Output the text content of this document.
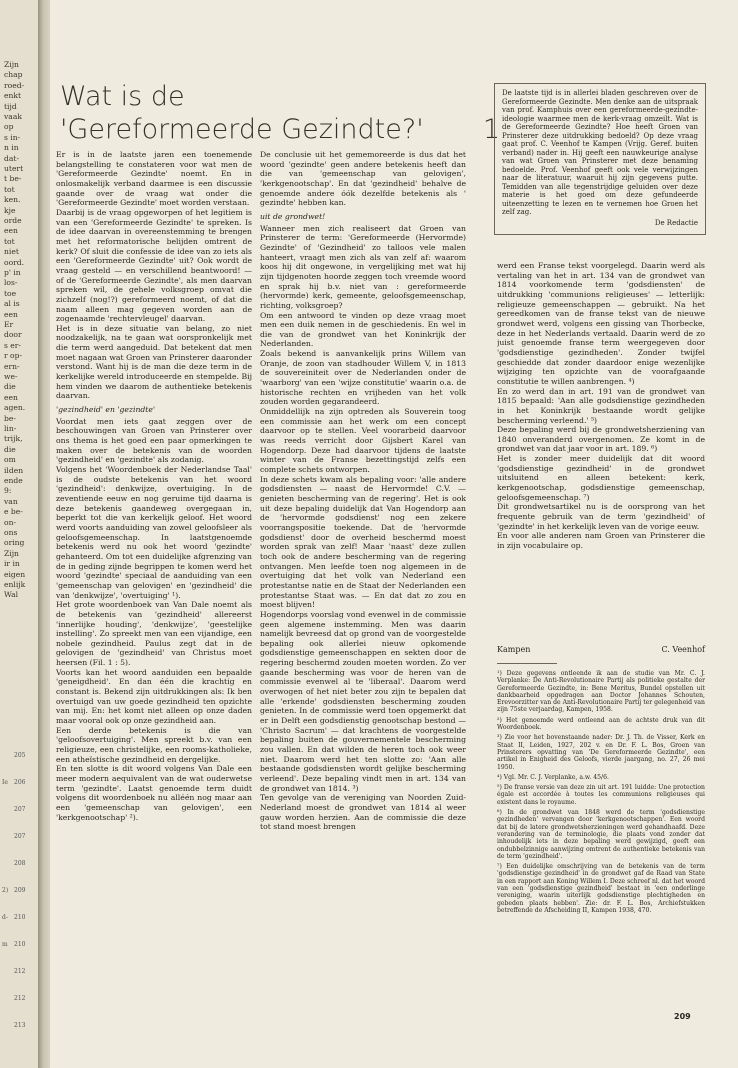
Zijn
chap
roed-
enkt
tijd
vaak
op
s in-
n in
dat-
utert
t be-
tot
ken.
kje
orde
een
tot
niet
oord.
p' in
los-
toe
al is
een
Er
door
s er-
r op-
ern-
we-
die
een
agen.
be-
lin-
trijk,
die
om
ilden
ende
9:
van
e be-
on-
ons
oring
Zijn
ir in
eigen
enlijk
Wal
205
206
207
207
208
209
210
210
212
212
213
Ie
2)
d-
m
Wat is de
'Gereformeerde Gezindte?'	1

De laatste tijd is in allerlei bladen geschreven over de Gereformeerde Gezindte. Men denke aan de uitspraak van prof. Kamphuis over een gereformeerde-gezindte-ideologie waarmee men de kerk-vraag omzeilt. Wat is de Gereformeerde Gezindte? Hoe heeft Groen van Prinsterer deze uitdrukking bedoeld? Op deze vraag gaat prof. C. Veenhof te Kampen (Vrijg. Geref. buiten verband) nader in. Hij geeft een nauwkeurige analyse van wat Groen van Prinsterer met deze benaming bedoelde. Prof. Veenhof geeft ook vele verwijzingen naar de literatuur, waaruit hij zijn gegevens putte. Temidden van alle tegenstrijdige geluiden over deze materie is het goed om deze gefundeerde uiteenzetting te lezen en te vernemen hoe Groen het zelf zag.

De Redactie

Er is in de laatste jaren een toenemende belangstelling te constateren voor wat men de 'Gereformeerde Gezindte' noemt. En in onlosmakelijk verband daarmee is een discussie gaande over de vraag wat onder die 'Gereformeerde Gezindte' moet worden verstaan.

Daarbij is de vraag opgeworpen of het legitiem is van een 'Gereformeerde Gezindte' te spreken. Is de idee daarvan in overeenstemming te brengen met het reformatorische belijden omtrent de kerk? Of sluit die confessie de idee van zo iets als een 'Gereformeerde Gezindte' uit? Ook wordt de vraag gesteld — en verschillend beantwoord! — of de 'Gereformeerde Gezindte', als men daarvan spreken wil, de gehele volksgroep omvat die zichzelf (nog!?) gereformeerd noemt, of dat die naam alleen mag gegeven worden aan de zogenaamde 'rechtervleugel' daarvan.

Het is in deze situatie van belang, zo niet noodzakelijk, na te gaan wat oorspronkelijk met die term werd aangeduid. Dat betekent dat men moet nagaan wat Groen van Prinsterer daaronder verstond. Want hij is de man die deze term in de kerkelijke wereld introduceerde en stempelde. Bij hem vinden we daarom de authentieke betekenis daarvan.

'gezindheid' en 'gezindte'

Voordat men iets gaat zeggen over de beschouwingen van Groen van Prinsterer over ons thema is het goed een paar opmerkingen te maken over de betekenis van de woorden 'gezindheid' en 'gezindte' als zodanig.

Volgens het 'Woordenboek der Nederlandse Taal' is de oudste betekenis van het woord 'gezindheid': denkwijze, overtuiging. In de zeventiende eeuw en nog geruime tijd daarna is deze betekenis gaandeweg overgegaan in, beperkt tot die van kerkelijk geloof. Het woord werd voorts aanduiding van zowel geloofsleer als geloofsgemeenschap. In laatstgenoemde betekenis werd nu ook het woord 'gezindte' gehanteerd. Om tot een duidelijke afgrenzing van de in geding zijnde begrippen te komen werd het woord 'gezindte' speciaal de aanduiding van een 'gemeenschap van gelovigen' en 'gezindheid' die van 'denkwijze', 'overtuiging' ¹).

Het grote woordenboek van Van Dale noemt als de betekenis van 'gezindheid' allereerst 'innerlijke houding', 'denkwijze', 'geestelijke instelling'. Zo spreekt men van een vijandige, een nobele gezindheid. Paulus zegt dat in de gelovigen de 'gezindheid' van Christus moet heersen (Fil. 1 : 5).

Voorts kan het woord aanduiden een bepaalde 'geneigdheid'. En dan één die krachtig en constant is. Bekend zijn uitdrukkingen als: Ik ben overtuigd van uw goede gezindheid ten opzichte van mij. En: het komt niet alleen op onze daden maar vooral ook op onze gezindheid aan.

Een derde betekenis is die van 'geloofsovertuiging'. Men spreekt b.v. van een religieuze, een christelijke, een rooms-katholieke, een atheïstische gezindheid en dergelijke.

En ten slotte is dit woord volgens Van Dale een meer modern aequivalent van de wat ouderwetse term 'gezindte'. Laatst genoemde term duidt volgens dit woordenboek nu alléén nog maar aan een 'gemeenschap van gelovigen', een 'kerkgenootschap' ²).

De conclusie uit het gememoreerde is dus dat het woord 'gezindte' geen andere betekenis heeft dan die van 'gemeenschap van gelovigen', 'kerkgenootschap'. En dat 'gezindheid' behalve de genoemde andere óók dezelfde betekenis als ' gezindte' hebben kan.

uit de grondwet!

Wanneer men zich realiseert dat Groen van Prinsterer de term: 'Gereformeerde (Hervormde) Gezindte' of 'Gezindheid' zo talloos vele malen hanteert, vraagt men zich als van zelf af: waarom koos hij dit ongewone, in vergelijking met wat hij zijn tijdgenoten hoorde zeggen toch vreemde woord en sprak hij b.v. niet van : gereformeerde (hervormde) kerk, gemeente, geloofsgemeenschap, richting, volksgroep?

Om een antwoord te vinden op deze vraag moet men een duik nemen in de geschiedenis. En wel in die van de grondwet van het Koninkrijk der Nederlanden.

Zoals bekend is aanvankelijk prins Willem van Oranje, de zoon van stadhouder Willem V, in 1813 de souvereiniteit over de Nederlanden onder de 'waarborg' van een 'wijze constitutie' waarin o.a. de historische rechten en vrijheden van het volk zouden worden gegarandeerd.

Onmiddellijk na zijn optreden als Souverein toog een commissie aan het werk om een concept daarvoor op te stellen. Veel voorarbeid daarvoor was reeds verricht door Gijsbert Karel van Hogendorp. Deze had daarvoor tijdens de laatste winter van de Franse bezettingstijd zelfs een complete schets ontworpen.

In deze schets kwam als bepaling voor: 'alle andere godsdiensten — naast de Hervormde! C.V. — genieten bescherming van de regering'. Het is ook uit deze bepaling duidelijk dat Van Hogendorp aan de 'hervormde godsdienst' nog een zekere voorrangspositie toekende. Dat de 'hervormde godsdienst' door de overheid beschermd moest worden sprak van zelf! Maar 'naast' deze zullen toch ook de andere bescherming van de regering ontvangen. Men leefde toen nog algemeen in de overtuiging dat het volk van Nederland een protestantse natie en de Staat der Nederlanden een protestantse Staat was. — En dat dat zo zou en moest blijven!

Hogendorps voorslag vond evenwel in de commissie geen algemene instemming. Men was daarin namelijk bevreesd dat op grond van de voorgestelde bepaling ook allerlei nieuw opkomende godsdienstige gemeenschappen en sekten door de regering beschermd zouden moeten worden. Zo ver gaande bescherming was voor de heren van de commissie evenwel al te 'liberaal'. Daarom werd overwogen of het niet beter zou zijn te bepalen dat alle 'erkende' godsdiensten bescherming zouden genieten. In de commissie werd toen opgemerkt dat er in Delft een godsdienstig genootschap bestond — 'Christo Sacrum' — dat krachtens de voorgestelde bepaling buiten de gouvernementele bescherming zou vallen. En dat wilden de heren toch ook weer niet. Daarom werd het ten slotte zo: 'Aan alle bestaande godsdiensten wordt gelijke bescherming verleend'. Deze bepaling vindt men in art. 134 van de grondwet van 1814. ³)

Ten gevolge van de vereniging van Noorden Zuid-Nederland moest de grondwet van 1814 al weer gauw worden herzien. Aan de commissie die deze tot stand moest brengen

werd een Franse tekst voorgelegd. Daarin werd als vertaling van het in art. 134 van de grondwet van 1814 voorkomende term 'godsdiensten' de uitdrukking 'communions religieuses' — letterlijk: religieuze gemeenschappen — gebruikt. Na het gereedkomen van de franse tekst van de nieuwe grondwet werd, volgens een gissing van Thorbecke, deze in het Nederlands vertaald. Daarin werd de zo juist genoemde franse term weergegeven door 'godsdienstige gezindheden'. Zonder twijfel geschiedde dat zonder daardoor enige wezenlijke wijziging ten opzichte van de voorafgaande constitutie te willen aanbrengen. ⁴)

En zo werd dan in art. 191 van de grondwet van 1815 bepaald: 'Aan alle godsdienstige gezindheden in het Koninkrijk bestaande wordt gelijke bescherming verleend.' ⁵)

Deze bepaling werd bij de grondwetsherziening van 1840 onveranderd overgenomen. Ze komt in de grondwet van dat jaar voor in art. 189. ⁶)

Het is zonder meer duidelijk dat dit woord 'godsdienstige gezindheid' in de grondwet uitsluitend en alleen betekent: kerk, kerkgenootschap, godsdienstige gemeenschap, geloofsgemeenschap. ⁷)

Dit grondwetsartikel nu is de oorsprong van het frequente gebruik van de term 'gezindheid' of 'gezindte' in het kerkelijk leven van de vorige eeuw.

En voor alle anderen nam Groen van Prinsterer die in zijn vocabulaire op.

Kampen	C. Veenhof

¹) Deze gegevens ontleende ik aan de studie van Mr. C. J. Verplanke: De Anti-Revolutionaire Partij als politieke gestalte der Gereformeerde Gezindte, in: Bene Meritus, Bundel opstellen uit dankbaarheid opgedragen aan Doctor Johannes Schouten, Erevoorzitter van de Anti-Revolutionaire Partij ter gelegenheid van zijn 75ste verjaardag, Kampen, 1958.

²) Het genoemde werd ontleend aan de achtste druk van dit Woordenboek.

³) Zie voor het bovenstaande nader: Dr. J. Th. de Visser, Kerk en Staat II, Leiden, 1927, 202 v. en Dr. F. L. Bos, Groen van Prinsterers opvatting van 'De Gereformeerde Gezindte', een artikel in Enigheid des Geloofs, vierde jaargang, no. 27, 26 mei 1950.

⁴) Vgl. Mr. C. J. Verplanke, a.w. 45/6.

⁵) De franse versie van deze zin uit art. 191 luidde: Une protection égale est accordée à toutes les communions religieuses qui existent dans le royaume.

⁶) In de grondwet van 1848 werd de term 'godsdienstige gezindheden' vervangen door 'kerkgenootschappen'. Een woord dat bij de latere grondwetsherzieningen werd gehandhaafd. Deze verandering van de terminologie, die plaats vond zonder dat inhoudelijk iets in deze bepaling werd gewijzigd, geeft een ondubbelzinnige aanwijzing omtrent de authentieke betekenis van de term 'gezindheid'.

⁷) Een duidelijke omschrijving van de betekenis van de term 'godsdienstige gezindheid' in de grondwet gaf de Raad van State in een rapport aan Koning Willem I. Deze schreef nl. dat het woord van een 'godsdienstige gezindheid' bestaat in 'een onderlinge vereniging, waarin uiterlijk godsdienstige plechtigheden en gebeden plaats hebben'. Zie: dr. F. L. Bos, Archiefstukken betreffende de Afscheiding II, Kampen 1938, 470.

209
